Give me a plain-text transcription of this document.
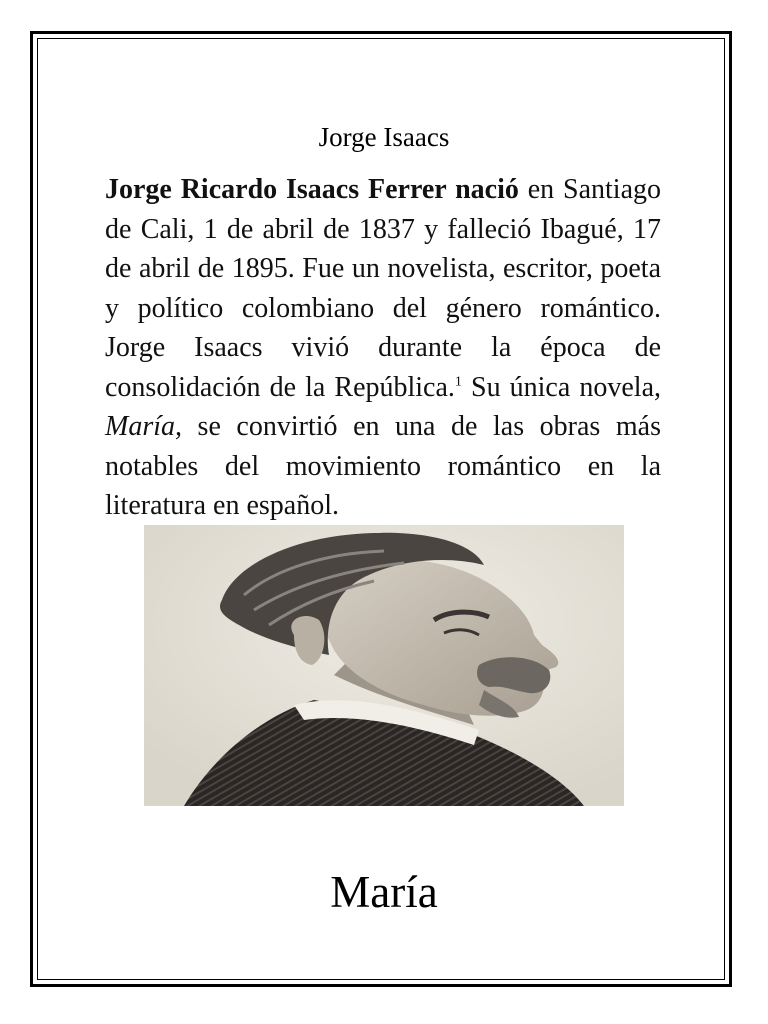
Jorge Isaacs

Jorge Ricardo Isaacs Ferrer nació en Santiago de Cali, 1 de abril de 1837 y falleció Ibagué, 17 de abril de 1895. Fue un novelista, escritor, poeta y político colombiano del género romántico. Jorge Isaacs vivió durante la época de consolidación de la República.$^1$ Su única novela, María, se convirtió en una de las obras más notables del movimiento romántico en la literatura en español.

María
